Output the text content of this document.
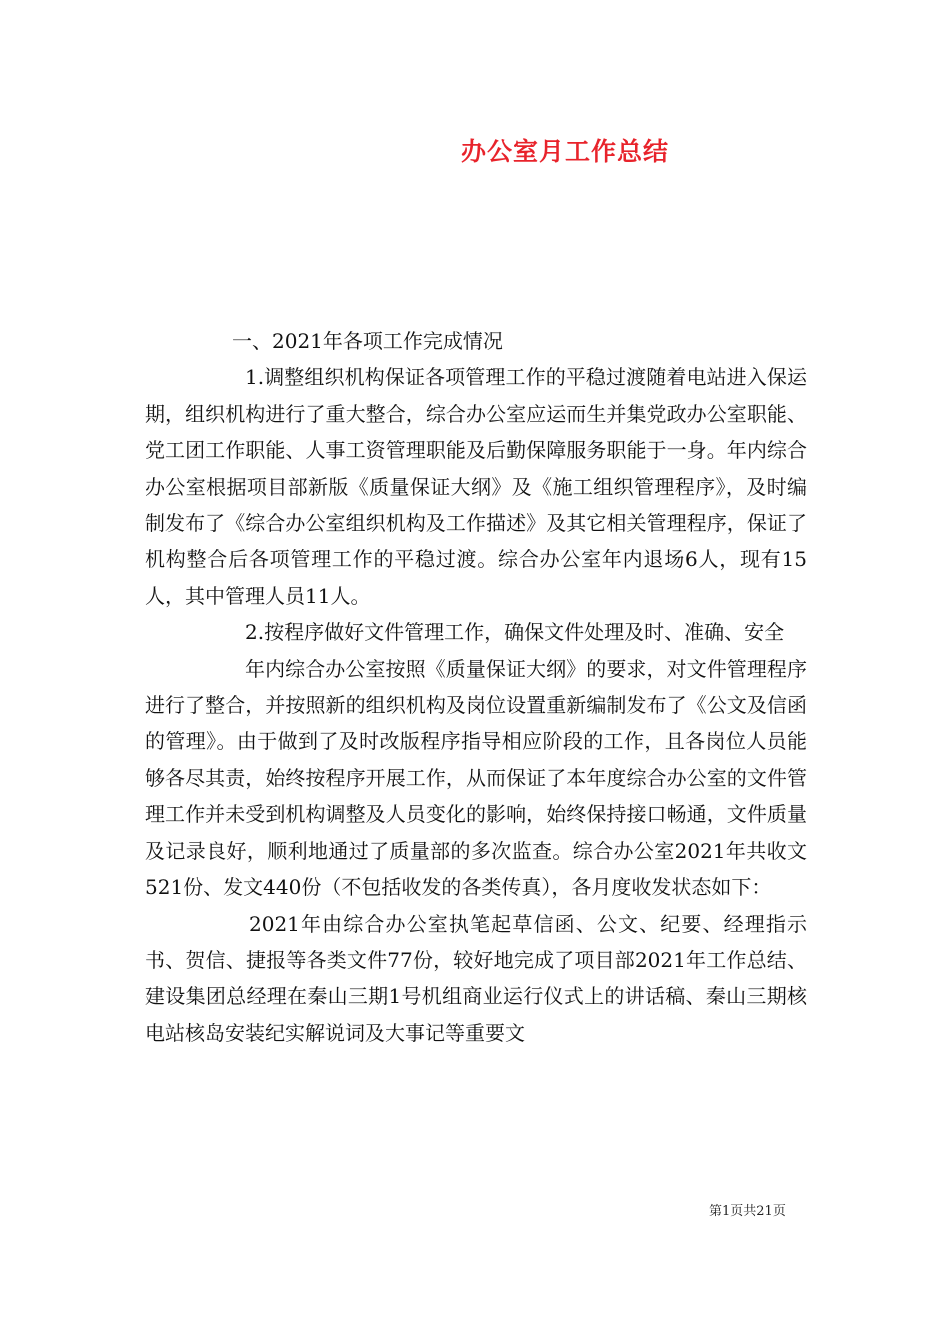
办公室月工作总结

一、2021年各项工作完成情况

1.调整组织机构保证各项管理工作的平稳过渡随着电站进入保运期，组织机构进行了重大整合，综合办公室应运而生并集党政办公室职能、党工团工作职能、人事工资管理职能及后勤保障服务职能于一身。年内综合办公室根据项目部新版《质量保证大纲》及《施工组织管理程序》，及时编制发布了《综合办公室组织机构及工作描述》及其它相关管理程序，保证了机构整合后各项管理工作的平稳过渡。综合办公室年内退场6人，现有15人，其中管理人员11人。

2.按程序做好文件管理工作，确保文件处理及时、准确、安全

年内综合办公室按照《质量保证大纲》的要求，对文件管理程序进行了整合，并按照新的组织机构及岗位设置重新编制发布了《公文及信函的管理》。由于做到了及时改版程序指导相应阶段的工作，且各岗位人员能够各尽其责，始终按程序开展工作，从而保证了本年度综合办公室的文件管理工作并未受到机构调整及人员变化的影响，始终保持接口畅通，文件质量及记录良好，顺利地通过了质量部的多次监查。综合办公室2021年共收文521份、发文440份（不包括收发的各类传真），各月度收发状态如下：

2021年由综合办公室执笔起草信函、公文、纪要、经理指示书、贺信、捷报等各类文件77份，较好地完成了项目部2021年工作总结、建设集团总经理在秦山三期1号机组商业运行仪式上的讲话稿、秦山三期核电站核岛安装纪实解说词及大事记等重要文

第1页共21页
